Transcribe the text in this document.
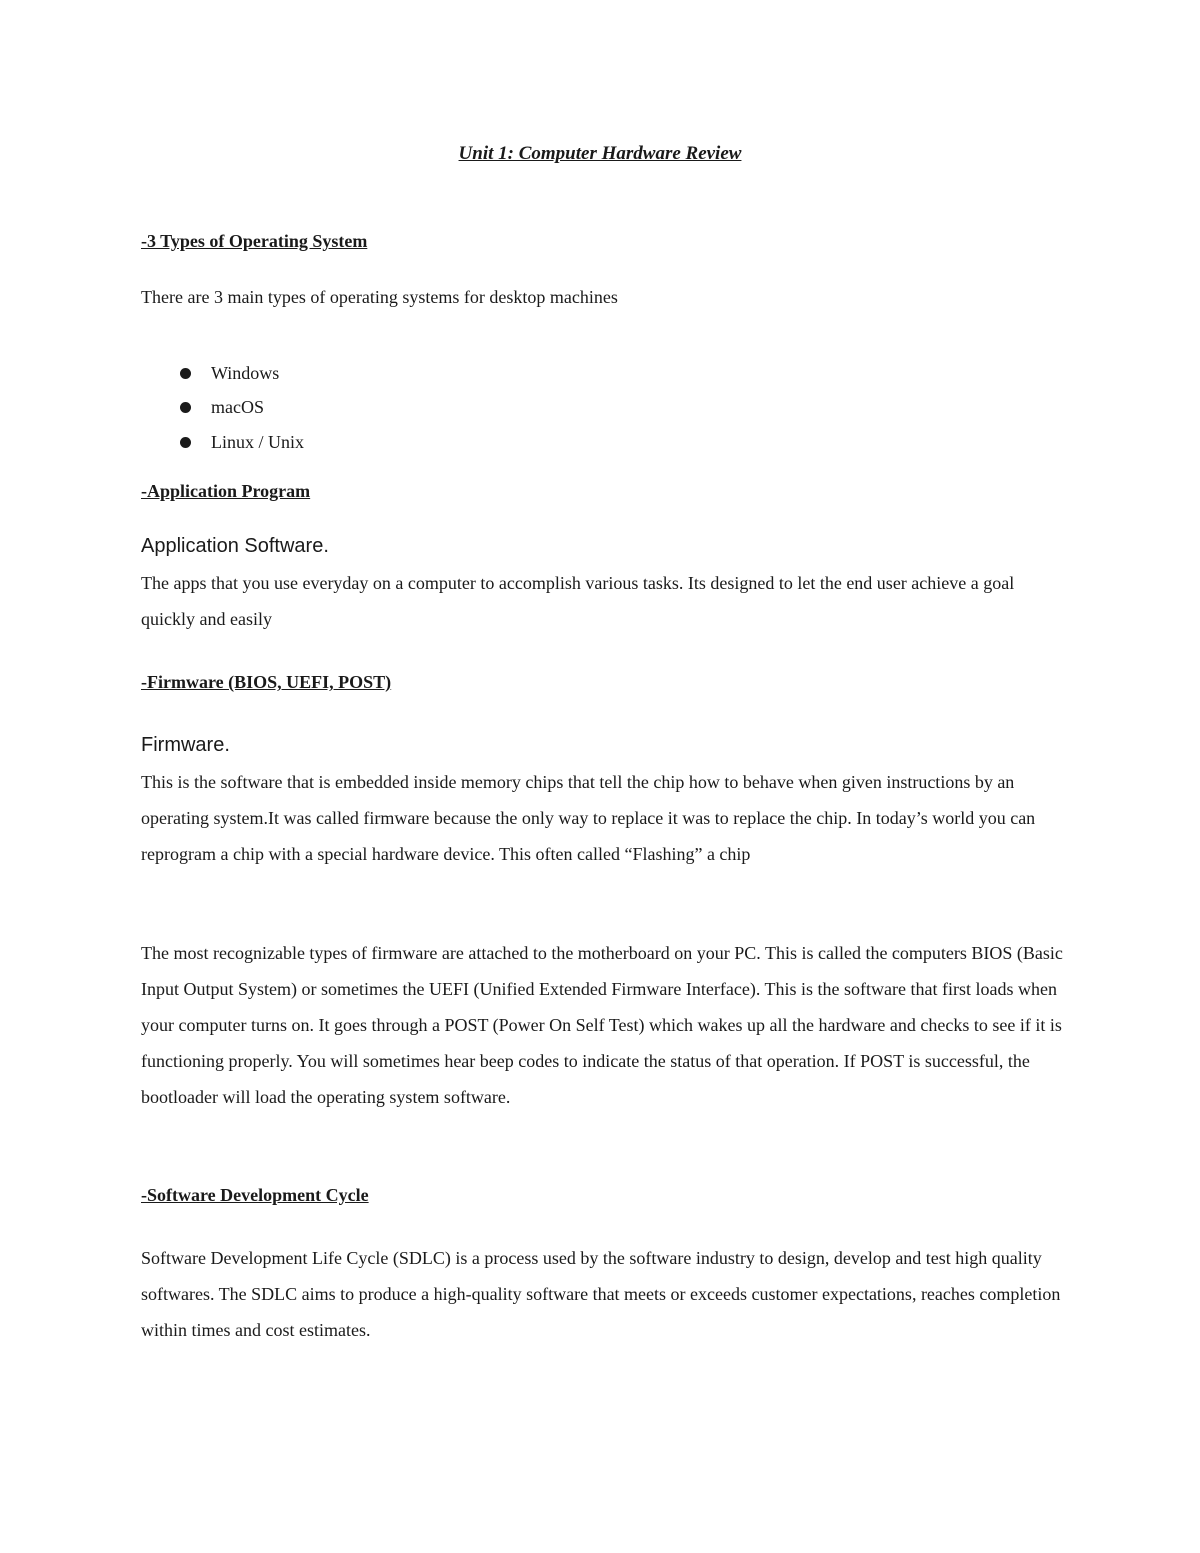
Unit 1: Computer Hardware Review
-3 Types of Operating System
There are 3 main types of operating systems for desktop machines
Windows
macOS
Linux / Unix
-Application Program
Application Software.
The apps that you use everyday on a computer to accomplish various tasks. Its designed to let the end user achieve a goal quickly and easily
-Firmware (BIOS, UEFI, POST)
Firmware.
This is the software that is embedded inside memory chips that tell the chip how to behave when given instructions by an operating system.It was called firmware because the only way to replace it was to replace the chip. In today’s world you can reprogram a chip with a special hardware device. This often called “Flashing” a chip
The most recognizable types of firmware are attached to the motherboard on your PC. This is called the computers BIOS (Basic Input Output System) or sometimes the UEFI (Unified Extended Firmware Interface). This is the software that first loads when your computer turns on. It goes through a POST (Power On Self Test) which wakes up all the hardware and checks to see if it is functioning properly. You will sometimes hear beep codes to indicate the status of that operation. If POST is successful, the bootloader will load the operating system software.
-Software Development Cycle
Software Development Life Cycle (SDLC) is a process used by the software industry to design, develop and test high quality softwares. The SDLC aims to produce a high-quality software that meets or exceeds customer expectations, reaches completion within times and cost estimates.
